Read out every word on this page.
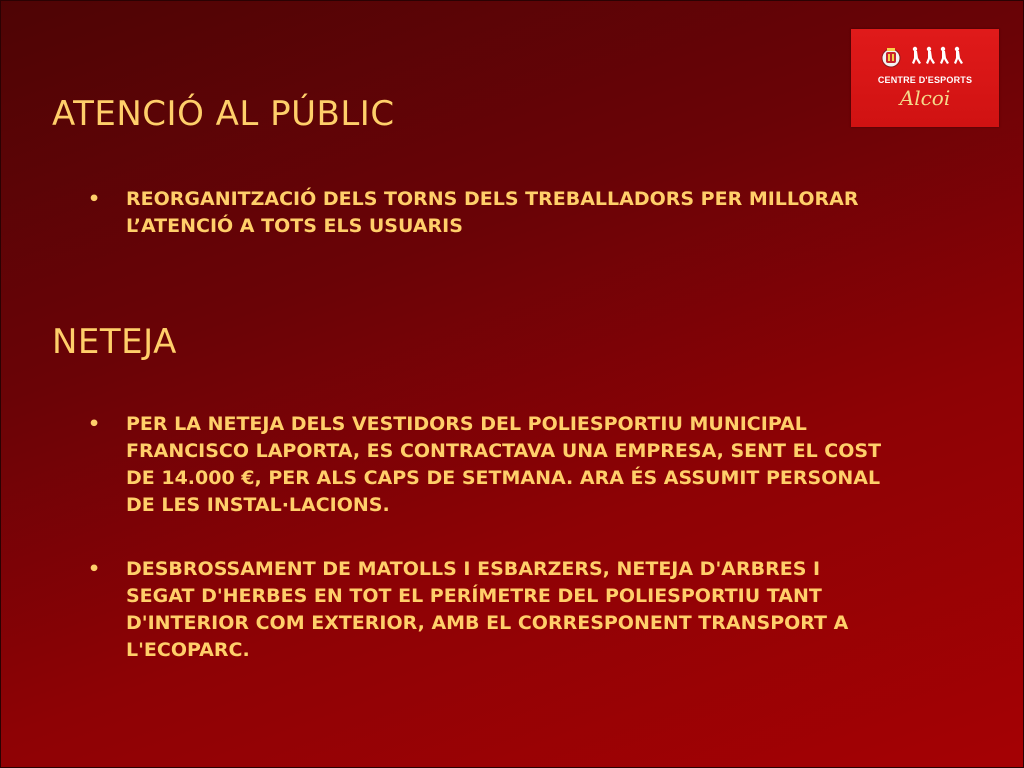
CENTRE D'ESPORTS
Alcoi
ATENCIÓ AL PÚBLIC
• REORGANITZACIÓ DELS TORNS DELS TREBALLADORS PER MILLORAR L’ATENCIÓ A TOTS ELS USUARIS
NETEJA
• PER LA NETEJA DELS VESTIDORS DEL POLIESPORTIU MUNICIPAL FRANCISCO LAPORTA, ES CONTRACTAVA UNA EMPRESA, SENT EL COST DE 14.000 €, PER ALS CAPS DE SETMANA. ARA ÉS ASSUMIT PERSONAL DE LES INSTAL·LACIONS.
• DESBROSSAMENT DE MATOLLS I ESBARZERS, NETEJA D'ARBRES I SEGAT D'HERBES EN TOT EL PERÍMETRE DEL POLIESPORTIU TANT D'INTERIOR COM EXTERIOR, AMB EL CORRESPONENT TRANSPORT A L'ECOPARC.
